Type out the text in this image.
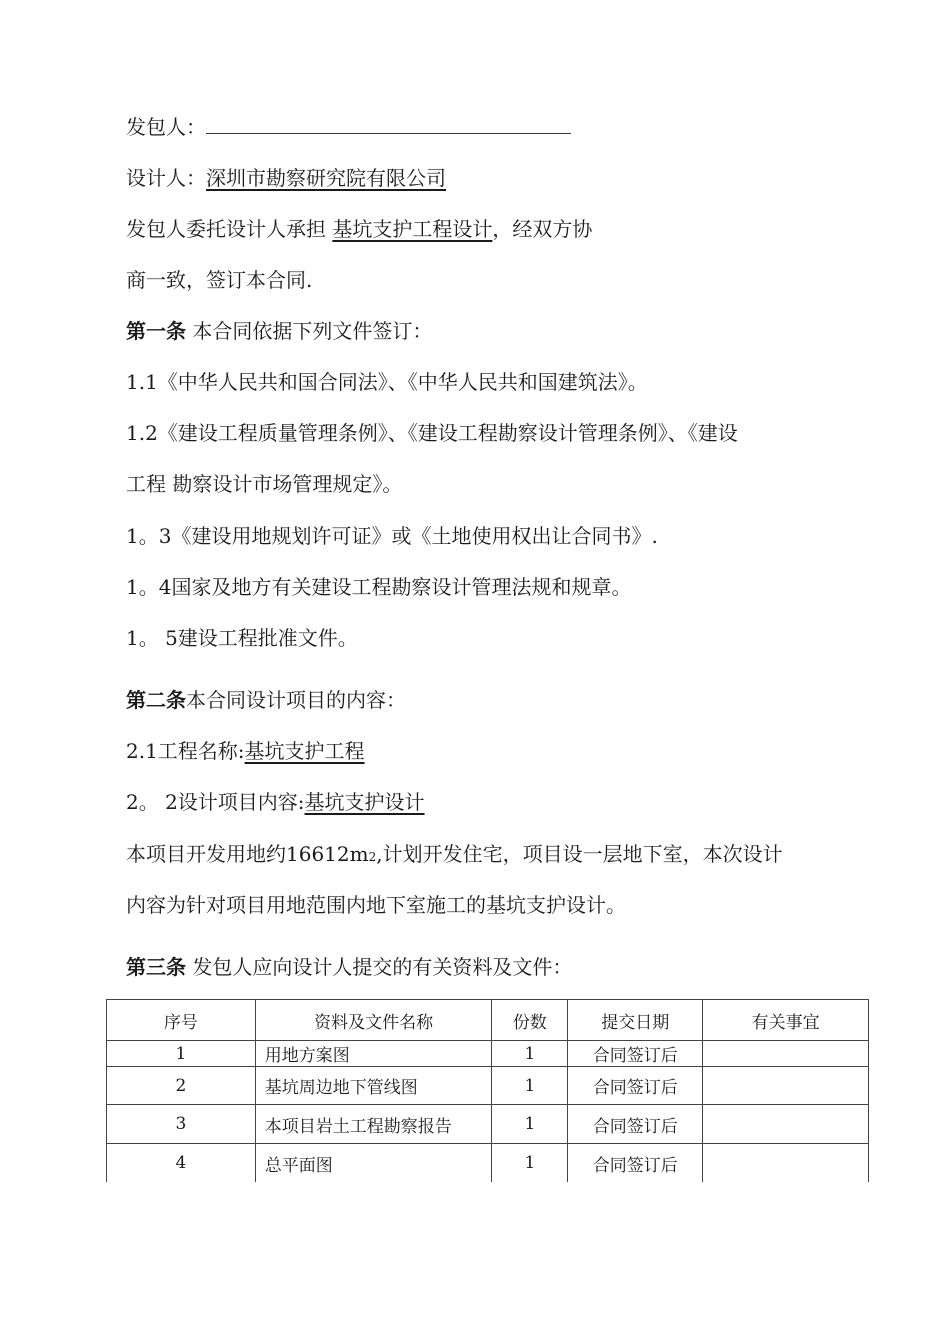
发包人：
设计人：深圳市勘察研究院有限公司
发包人委托设计人承担 基坑支护工程设计，经双方协
商一致，签订本合同.
第一条 本合同依据下列文件签订：
1.1《中华人民共和国合同法》、《中华人民共和国建筑法》。
1.2《建设工程质量管理条例》、《建设工程勘察设计管理条例》、《建设
工程 勘察设计市场管理规定》。
1。3《建设用地规划许可证》或《土地使用权出让合同书》.
1。4国家及地方有关建设工程勘察设计管理法规和规章。
1。 5建设工程批准文件。
第二条本合同设计项目的内容：
2.1工程名称:基坑支护工程
2。 2设计项目内容:基坑支护设计
本项目开发用地约16612m2,计划开发住宅，项目设一层地下室，本次设计
内容为针对项目用地范围内地下室施工的基坑支护设计。
第三条 发包人应向设计人提交的有关资料及文件：
序号	资料及文件名称	份数	提交日期	有关事宜
1	用地方案图	1	合同签订后	
2	基坑周边地下管线图	1	合同签订后	
3	本项目岩土工程勘察报告	1	合同签订后	
4	总平面图	1	合同签订后	
